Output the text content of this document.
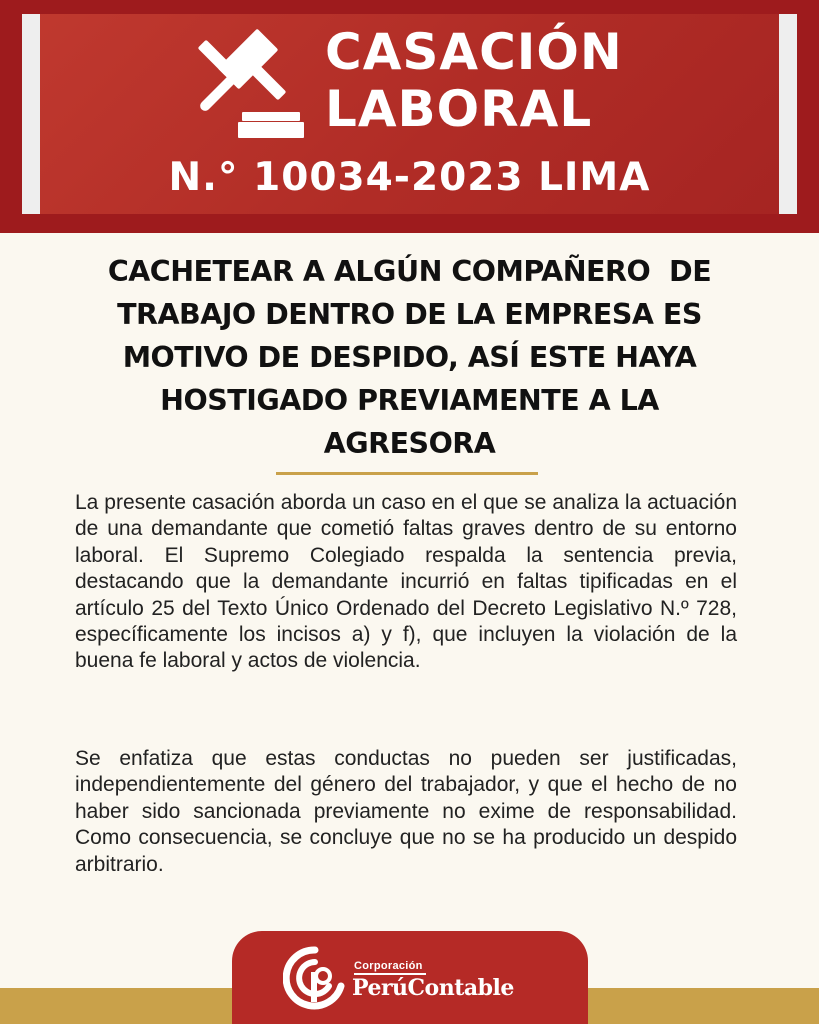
CASACIÓN
LABORAL
N.° 10034-2023 LIMA
CACHETEAR A ALGÚN COMPAÑERO  DE
TRABAJO DENTRO DE LA EMPRESA ES
MOTIVO DE DESPIDO, ASÍ ESTE HAYA
HOSTIGADO PREVIAMENTE A LA
AGRESORA

La presente casación aborda un caso en el que se analiza la actuación de una demandante que cometió faltas graves dentro de su entorno laboral. El Supremo Colegiado respalda la sentencia previa, destacando que la demandante incurrió en faltas tipificadas en el artículo 25 del Texto Único Ordenado del Decreto Legislativo N.º 728, específicamente los incisos a) y f), que incluyen la violación de la buena fe laboral y actos de violencia.

Se enfatiza que estas conductas no pueden ser justificadas, independientemente del género del trabajador, y que el hecho de no haber sido sancionada previamente no exime de responsabilidad. Como consecuencia, se concluye que no se ha producido un despido arbitrario.

Corporación
PerúContable
